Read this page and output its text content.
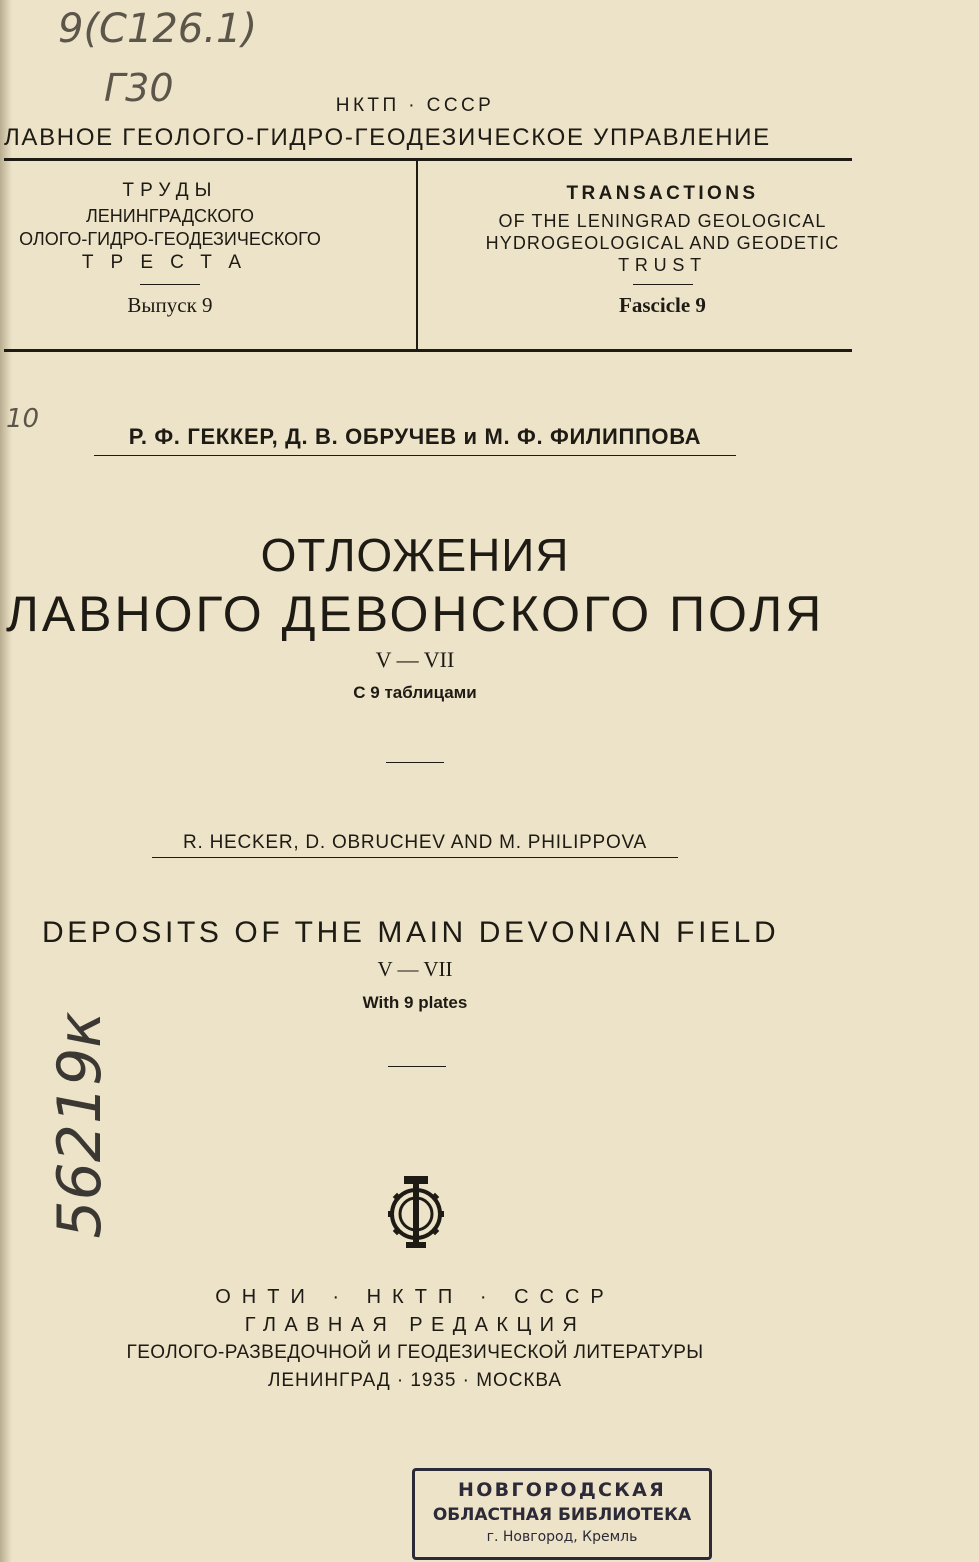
9(С126.1)
Г30
10
56219к
НКТП · СССР
ЛАВНОЕ ГЕОЛОГО-ГИДРО-ГЕОДЕЗИЧЕСКОЕ УПРАВЛЕНИЕ
ТРУДЫ
ЛЕНИНГРАДСКОГО
ОЛОГО-ГИДРО-ГЕОДЕЗИЧЕСКОГО
ТРЕСТА
Выпуск 9
TRANSACTIONS
OF THE LENINGRAD GEOLOGICAL
HYDROGEOLOGICAL AND GEODETIC
TRUST
Fascicle 9
Р. Ф. ГЕККЕР, Д. В. ОБРУЧЕВ и М. Ф. ФИЛИППОВА
ОТЛОЖЕНИЯ
ЛАВНОГО ДЕВОНСКОГО ПОЛЯ
V — VII
С 9 таблицами
R. HECKER, D. OBRUCHEV AND M. PHILIPPOVA
DEPOSITS OF THE MAIN DEVONIAN FIELD
V — VII
With 9 plates
ОНТИ · НКТП · СССР
ГЛАВНАЯ РЕДАКЦИЯ
ГЕОЛОГО-РАЗВЕДОЧНОЙ И ГЕОДЕЗИЧЕСКОЙ ЛИТЕРАТУРЫ
ЛЕНИНГРАД · 1935 · МОСКВА
НОВГОРОДСКАЯ
ОБЛАСТНАЯ БИБЛИОТЕКА
г. Новгород, Кремль
